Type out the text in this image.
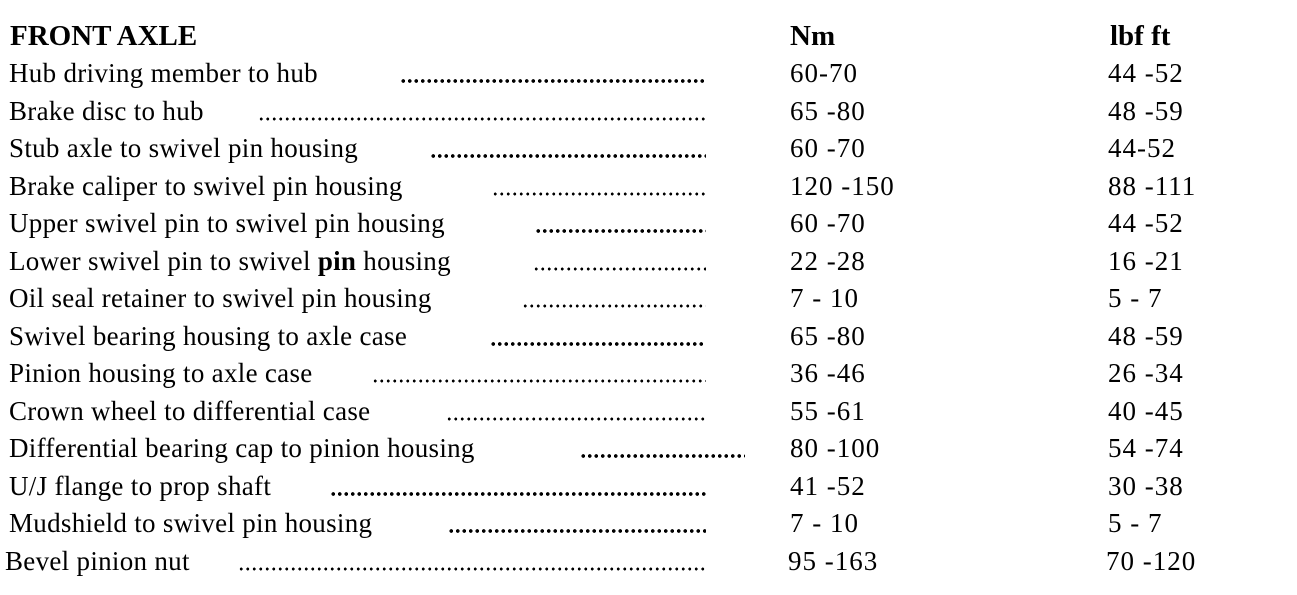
FRONT AXLE	Nm	lbf ft
Hub driving member to hub	60-70	44 -52
Brake disc to hub	65 -80	48 -59
Stub axle to swivel pin housing	60 -70	44-52
Brake caliper to swivel pin housing	120 -150	88 -111
Upper swivel pin to swivel pin housing	60 -70	44 -52
Lower swivel pin to swivel pin housing	22 -28	16 -21
Oil seal retainer to swivel pin housing	7 - 10	5 - 7
Swivel bearing housing to axle case	65 -80	48 -59
Pinion housing to axle case	36 -46	26 -34
Crown wheel to differential case	55 -61	40 -45
Differential bearing cap to pinion housing	80 -100	54 -74
U/J flange to prop shaft	41 -52	30 -38
Mudshield to swivel pin housing	7 - 10	5 - 7
Bevel pinion nut	95 -163	70 -120
